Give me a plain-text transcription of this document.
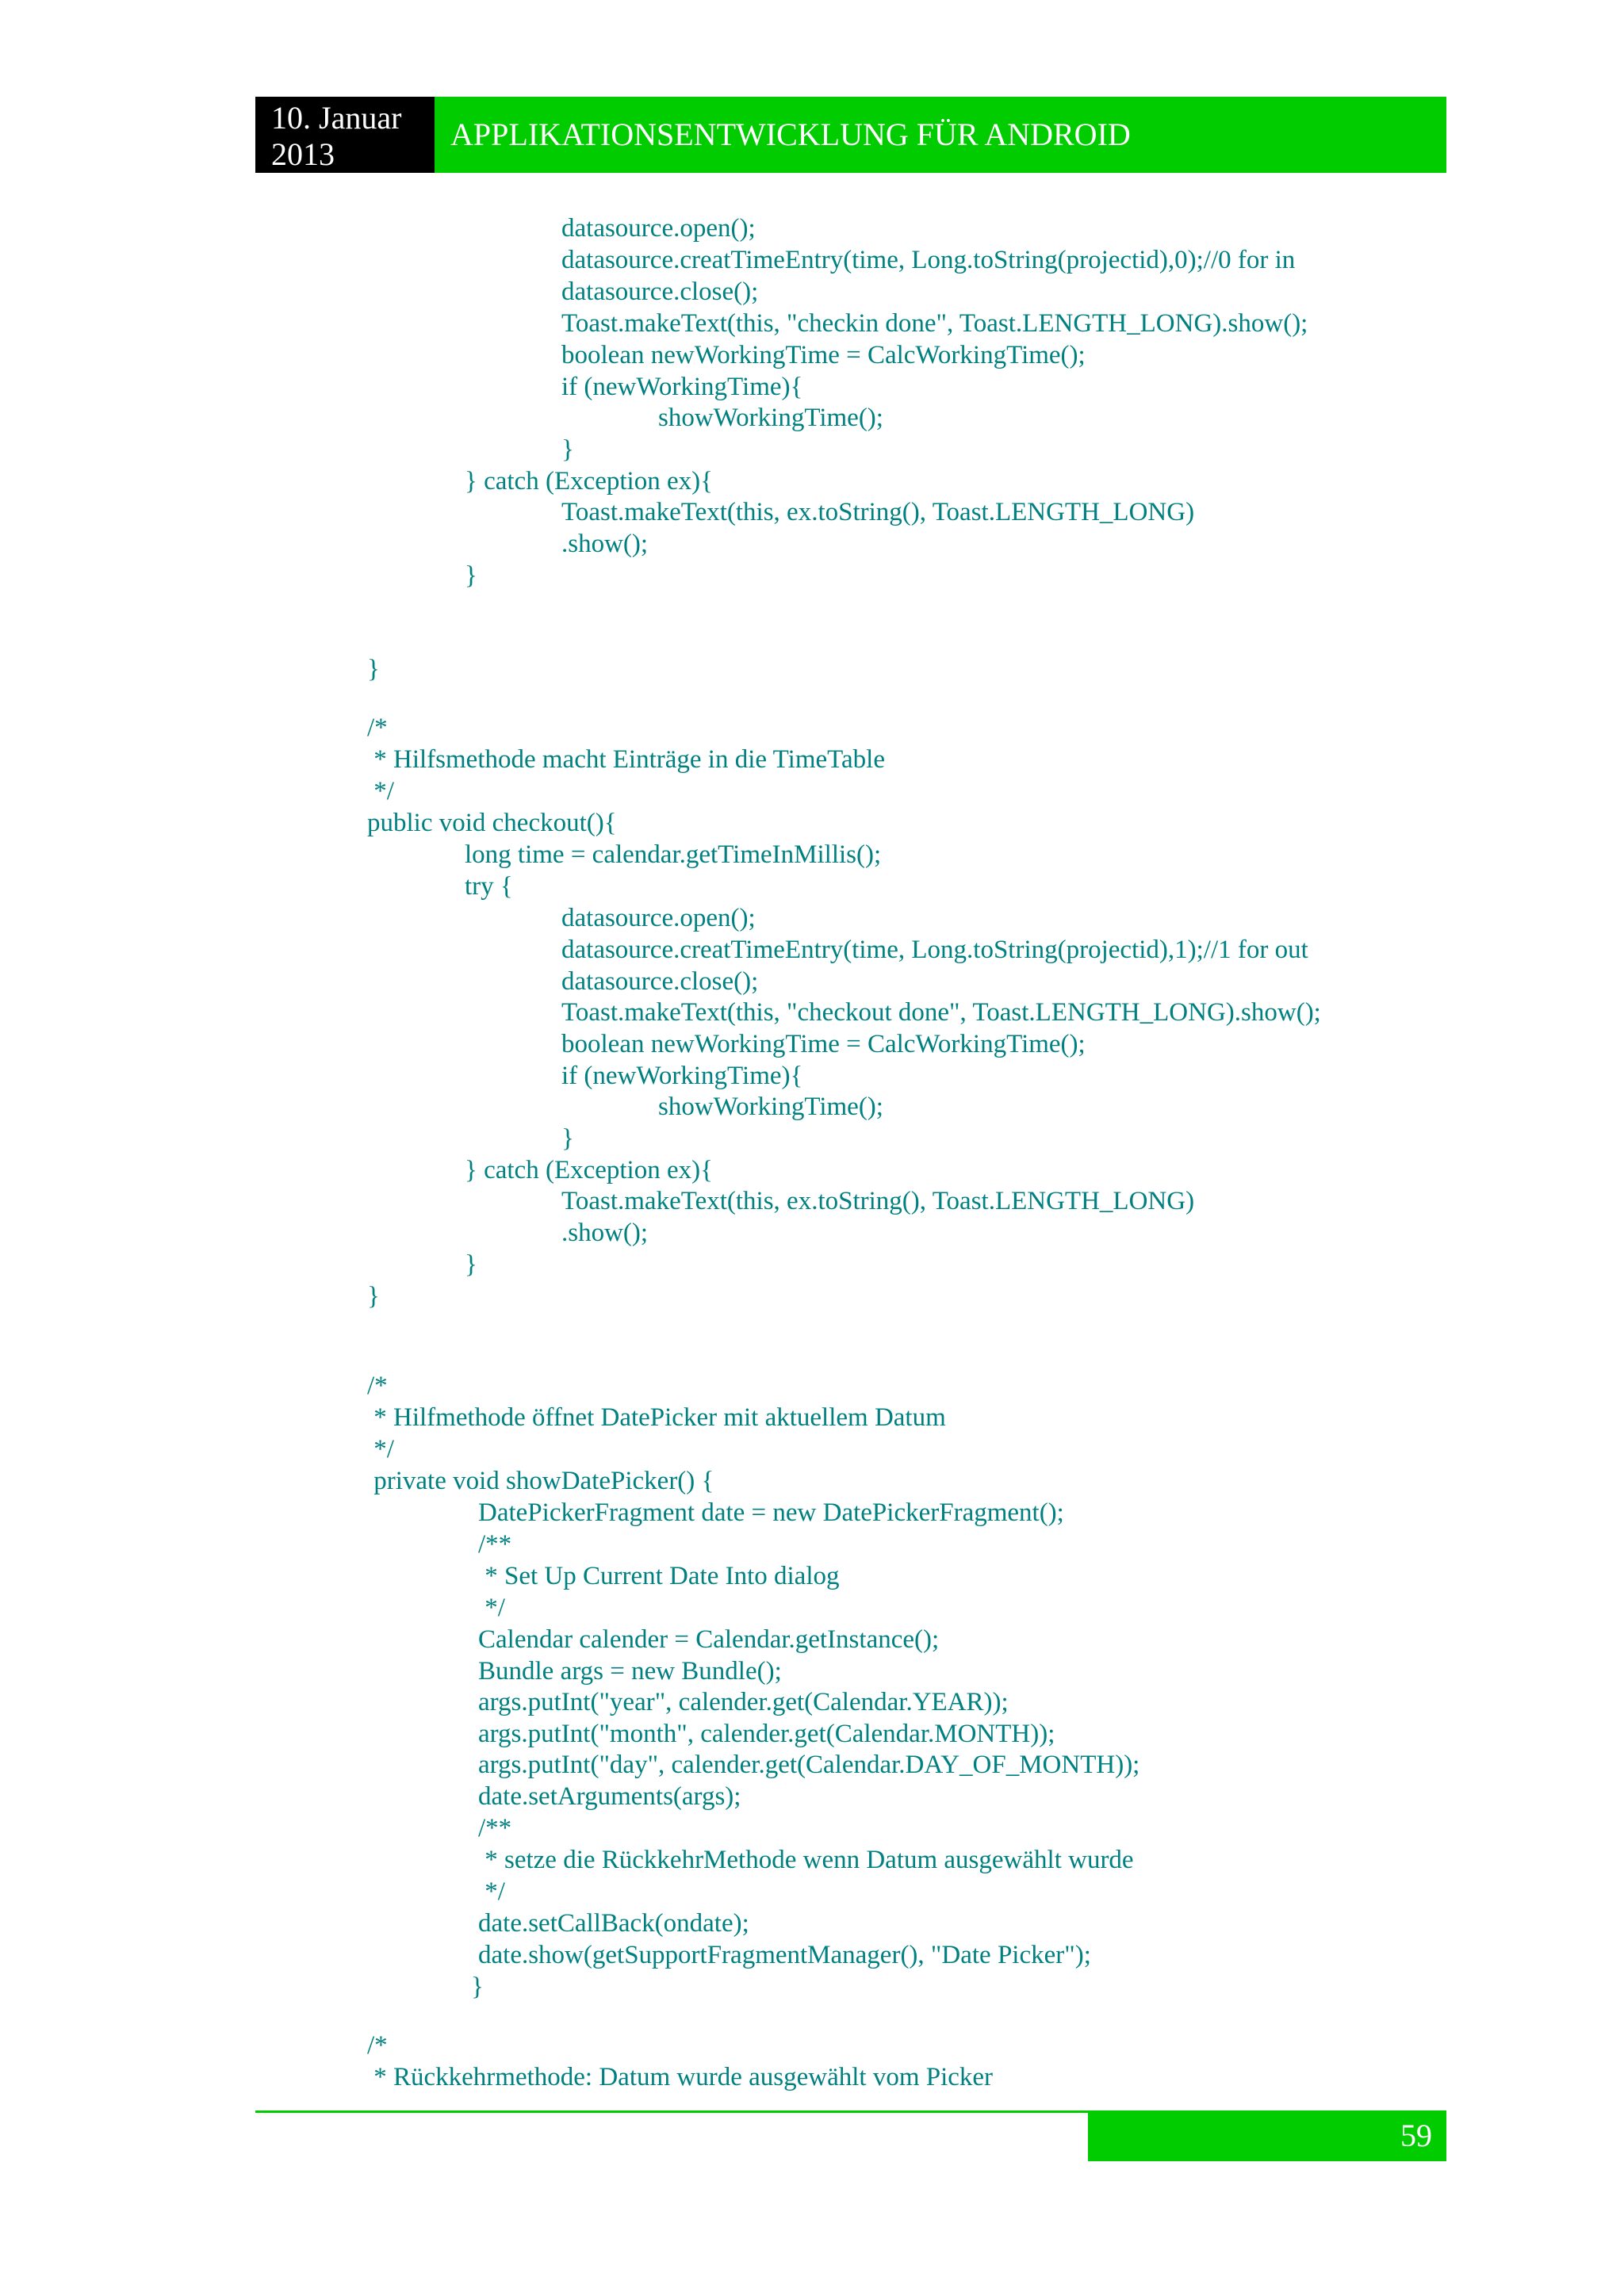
10. Januar
2013
APPLIKATIONSENTWICKLUNG FÜR ANDROID
datasource.open();
datasource.creatTimeEntry(time, Long.toString(projectid),0);//0 for in
datasource.close();
Toast.makeText(this, "checkin done", Toast.LENGTH_LONG).show();
boolean newWorkingTime = CalcWorkingTime();
if (newWorkingTime){
showWorkingTime();
}
} catch (Exception ex){
Toast.makeText(this, ex.toString(), Toast.LENGTH_LONG)
.show();
}
}
/*
* Hilfsmethode macht Einträge in die TimeTable
*/
public void checkout(){
long time = calendar.getTimeInMillis();
try {
datasource.open();
datasource.creatTimeEntry(time, Long.toString(projectid),1);//1 for out
datasource.close();
Toast.makeText(this, "checkout done", Toast.LENGTH_LONG).show();
boolean newWorkingTime = CalcWorkingTime();
if (newWorkingTime){
showWorkingTime();
}
} catch (Exception ex){
Toast.makeText(this, ex.toString(), Toast.LENGTH_LONG)
.show();
}
}
/*
* Hilfmethode öffnet DatePicker mit aktuellem Datum
*/
private void showDatePicker() {
DatePickerFragment date = new DatePickerFragment();
/**
* Set Up Current Date Into dialog
*/
Calendar calender = Calendar.getInstance();
Bundle args = new Bundle();
args.putInt("year", calender.get(Calendar.YEAR));
args.putInt("month", calender.get(Calendar.MONTH));
args.putInt("day", calender.get(Calendar.DAY_OF_MONTH));
date.setArguments(args);
/**
* setze die RückkehrMethode wenn Datum ausgewählt wurde
*/
date.setCallBack(ondate);
date.show(getSupportFragmentManager(), "Date Picker");
}
/*
* Rückkehrmethode: Datum wurde ausgewählt vom Picker
59
